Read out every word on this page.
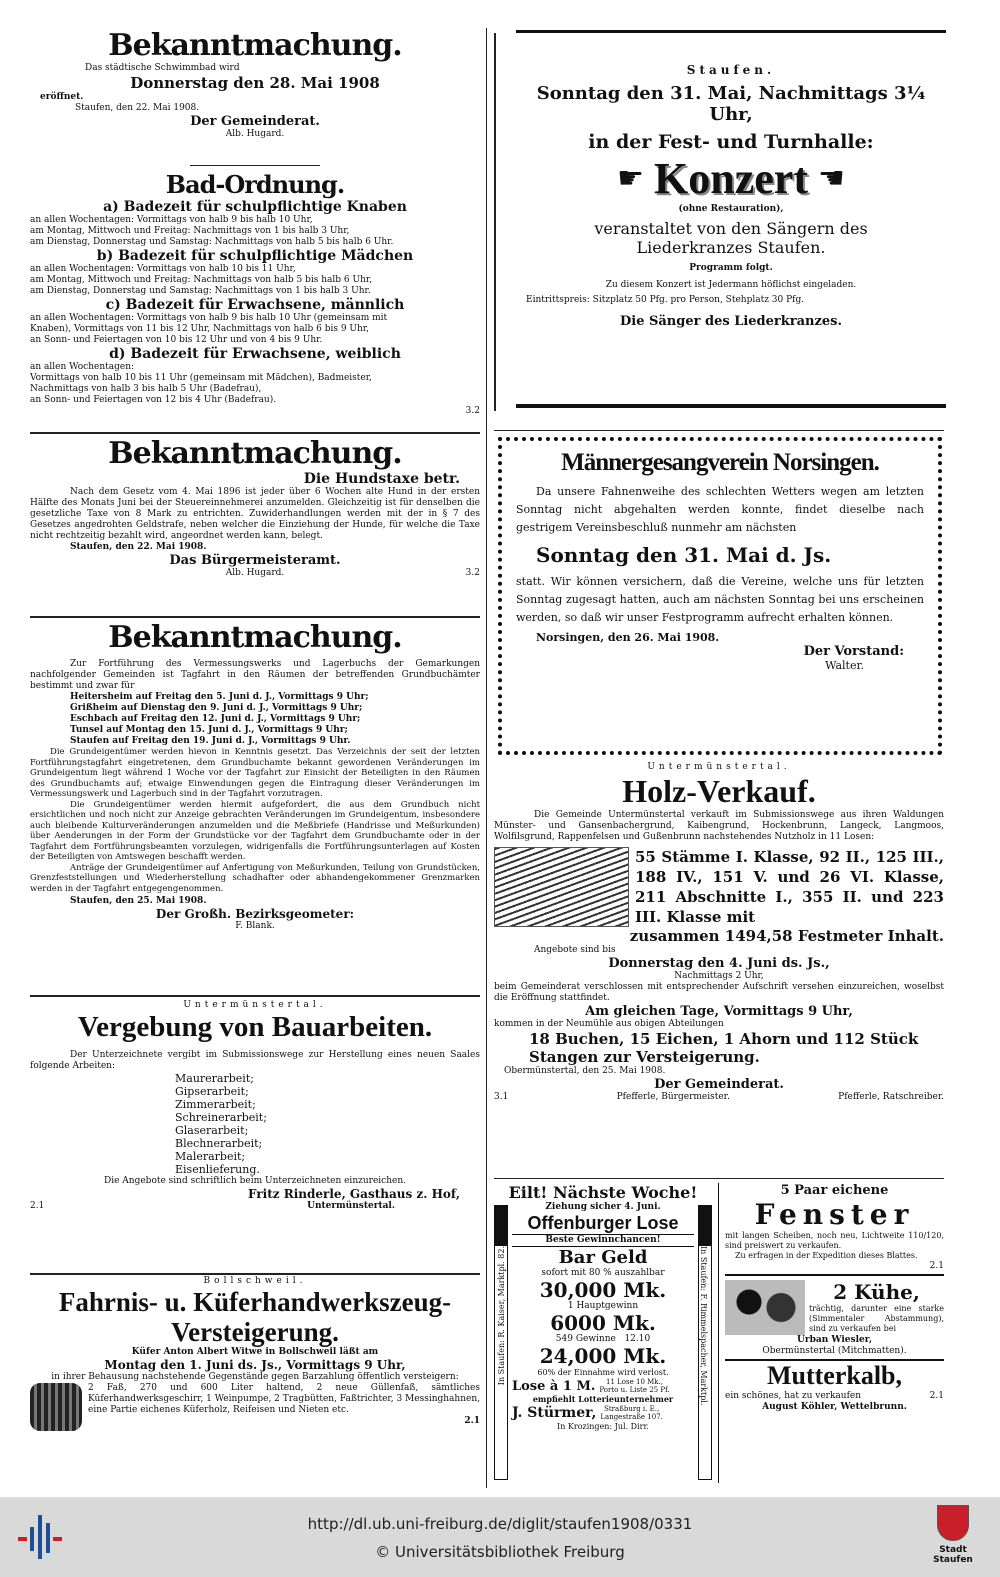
Bekanntmachung.
Das städtische Schwimmbad wird
Donnerstag den 28. Mai 1908
eröffnet.
Staufen, den 22. Mai 1908.
Der Gemeinderat.
Alb. Hugard.
Bad-Ordnung.
a) Badezeit für schulpflichtige Knaben
an allen Wochentagen: Vormittags von halb 9 bis halb 10 Uhr,
am Montag, Mittwoch und Freitag: Nachmittags von 1 bis halb 3 Uhr,
am Dienstag, Donnerstag und Samstag: Nachmittags von halb 5 bis halb 6 Uhr.
b) Badezeit für schulpflichtige Mädchen
an allen Wochentagen: Vormittags von halb 10 bis 11 Uhr,
am Montag, Mittwoch und Freitag: Nachmittags von halb 5 bis halb 6 Uhr,
am Dienstag, Donnerstag und Samstag: Nachmittags von 1 bis halb 3 Uhr.
c) Badezeit für Erwachsene, männlich
an allen Wochentagen: Vormittags von halb 9 bis halb 10 Uhr (gemeinsam mit
Knaben), Vormittags von 11 bis 12 Uhr, Nachmittags von halb 6 bis 9 Uhr,
an Sonn- und Feiertagen von 10 bis 12 Uhr und von 4 bis 9 Uhr.
d) Badezeit für Erwachsene, weiblich
an allen Wochentagen:
Vormittags von halb 10 bis 11 Uhr (gemeinsam mit Mädchen), Badmeister,
Nachmittags von halb 3 bis halb 5 Uhr (Badefrau),
an Sonn- und Feiertagen von 12 bis 4 Uhr (Badefrau).
3.2
Bekanntmachung.
Die Hundstaxe betr.
Nach dem Gesetz vom 4. Mai 1896 ist jeder über 6 Wochen alte Hund in der ersten Hälfte des Monats Juni bei der Steuereinnehmerei anzumelden. Gleichzeitig ist für denselben die gesetzliche Taxe von 8 Mark zu entrichten. Zuwiderhandlungen werden mit der in § 7 des Gesetzes angedrohten Geldstrafe, neben welcher die Einziehung der Hunde, für welche die Taxe nicht rechtzeitig bezahlt wird, angeordnet werden kann, belegt.
Staufen, den 22. Mai 1908.
Das Bürgermeisteramt.
Alb. Hugard.	3.2
Bekanntmachung.
Zur Fortführung des Vermessungswerks und Lagerbuchs der Gemarkungen nachfolgender Gemeinden ist Tagfahrt in den Räumen der betreffenden Grundbuchämter bestimmt und zwar für
Heitersheim auf Freitag den 5. Juni d. J., Vormittags 9 Uhr;
Grißheim auf Dienstag den 9. Juni d. J., Vormittags 9 Uhr;
Eschbach auf Freitag den 12. Juni d. J., Vormittags 9 Uhr;
Tunsel auf Montag den 15. Juni d. J., Vormittags 9 Uhr;
Staufen auf Freitag den 19. Juni d. J., Vormittags 9 Uhr.
Die Grundeigentümer werden hievon in Kenntnis gesetzt. Das Verzeichnis der seit der letzten Fortführungstagfahrt eingetretenen, dem Grundbuchamte bekannt gewordenen Veränderungen im Grundeigentum liegt während 1 Woche vor der Tagfahrt zur Einsicht der Beteiligten in den Räumen des Grundbuchamts auf; etwaige Einwendungen gegen die Eintragung dieser Veränderungen im Vermessungswerk und Lagerbuch sind in der Tagfahrt vorzutragen.
Die Grundeigentümer werden hiermit aufgefordert, die aus dem Grundbuch nicht ersichtlichen und noch nicht zur Anzeige gebrachten Veränderungen im Grundeigentum, insbesondere auch bleibende Kulturveränderungen anzumelden und die Meßbriefe (Handrisse und Meßurkunden) über Aenderungen in der Form der Grundstücke vor der Tagfahrt dem Grundbuchamte oder in der Tagfahrt dem Fortführungsbeamten vorzulegen, widrigenfalls die Fortführungsunterlagen auf Kosten der Beteiligten von Amtswegen beschafft werden.
Anträge der Grundeigentümer auf Anfertigung von Meßurkunden, Teilung von Grundstücken, Grenzfeststellungen und Wiederherstellung schadhafter oder abhandengekommener Grenzmarken werden in der Tagfahrt entgegengenommen.
Staufen, den 25. Mai 1908.
Der Großh. Bezirksgeometer:
F. Blank.
Untermünstertal.
Vergebung von Bauarbeiten.
Der Unterzeichnete vergibt im Submissionswege zur Herstellung eines neuen Saales folgende Arbeiten:
Maurerarbeit;
Gipserarbeit;
Zimmerarbeit;
Schreinerarbeit;
Glaserarbeit;
Blechnerarbeit;
Malerarbeit;
Eisenlieferung.
Die Angebote sind schriftlich beim Unterzeichneten einzureichen.
Fritz Rinderle, Gasthaus z. Hof,
2.1	Untermünstertal.
Bollschweil.
Fahrnis- u. Küferhandwerkszeug-
Versteigerung.
Küfer Anton Albert Witwe in Bollschweil läßt am
Montag den 1. Juni ds. Js., Vormittags 9 Uhr,
in ihrer Behausung nachstehende Gegenstände gegen Barzahlung öffentlich versteigern:
2 Faß, 270 und 600 Liter haltend, 2 neue Güllenfaß, sämtliches Küferhandwerksgeschirr, 1 Weinpumpe, 2 Tragbütten, Faßtrichter, 3 Messinghahnen, eine Partie eichenes Küferholz, Reifeisen und Nieten etc.
2.1
Staufen.
Sonntag den 31. Mai, Nachmittags 3¼ Uhr,
in der Fest- und Turnhalle:
☛ Konzert ☚
(ohne Restauration),
veranstaltet von den Sängern des
Liederkranzes Staufen.
Programm folgt.
Zu diesem Konzert ist Jedermann höflichst eingeladen.
Eintrittspreis: Sitzplatz 50 Pfg. pro Person, Stehplatz 30 Pfg.
Die Sänger des Liederkranzes.
Männergesangverein Norsingen.
Da unsere Fahnenweihe des schlechten Wetters wegen am letzten Sonntag nicht abgehalten werden konnte, findet dieselbe nach gestrigem Vereinsbeschluß nunmehr am nächsten
Sonntag den 31. Mai d. Js.
statt. Wir können versichern, daß die Vereine, welche uns für letzten Sonntag zugesagt hatten, auch am nächsten Sonntag bei uns erscheinen werden, so daß wir unser Festprogramm aufrecht erhalten können.
Norsingen, den 26. Mai 1908.
Der Vorstand:
Walter.
Untermünstertal.
Holz-Verkauf.
Die Gemeinde Untermünstertal verkauft im Submissionswege aus ihren Waldungen Münster- und Gansenbachergrund, Kaibengrund, Hockenbrunn, Langeck, Langmoos, Wolfilsgrund, Rappenfelsen und Gußenbrunn nachstehendes Nutzholz in 11 Losen:
55 Stämme I. Klasse, 92 II., 125 III., 188 IV., 151 V. und 26 VI. Klasse, 211 Abschnitte I., 355 II. und 223 III. Klasse mit
zusammen 1494,58 Festmeter Inhalt.
Angebote sind bis
Donnerstag den 4. Juni ds. Js.,
Nachmittags 2 Uhr,
beim Gemeinderat verschlossen mit entsprechender Aufschrift versehen einzureichen, woselbst die Eröffnung stattfindet.
Am gleichen Tage, Vormittags 9 Uhr,
kommen in der Neumühle aus obigen Abteilungen
18 Buchen, 15 Eichen, 1 Ahorn und 112 Stück Stangen zur Versteigerung.
Obermünstertal, den 25. Mai 1908.
Der Gemeinderat.
3.1	Pfefferle, Bürgermeister.	Pfefferle, Ratschreiber.
Eilt! Nächste Woche!
In Staufen: R. Kaiser, Marktpl. 82.	In Staufen: F. Rimmelspacher, Marktpl.
Ziehung sicher 4. Juni.
Offenburger Lose
Beste Gewinnchancen!
Bar Geld
sofort mit 80 % auszahlbar
30,000 Mk.
1 Hauptgewinn
6000 Mk.
549 Gewinne 12.10
24,000 Mk.
60% der Einnahme wird verlost.
Lose à 1 M.	11 Lose 10 Mk.,
Porto u. Liste 25 Pf.
empfiehlt Lotterieunternehmer
J. Stürmer,	Straßburg i. E.,
Langestraße 107.
In Krozingen: Jul. Dirr.
5 Paar eichene
Fenster
mit langen Scheiben, noch neu, Lichtweite 110/120, sind preiswert zu verkaufen.
Zu erfragen in der Expedition dieses Blattes.
2.1
2 Kühe,
trächtig, darunter eine starke (Simmentaler Abstammung), sind zu verkaufen bei
Urban Wiesler,
Obermünstertal (Mitchmatten).
Mutterkalb,
ein schönes, hat zu verkaufen	2.1
August Köhler, Wettelbrunn.
http://dl.ub.uni-freiburg.de/diglit/staufen1908/0331
© Universitätsbibliothek Freiburg	Stadt Staufen
